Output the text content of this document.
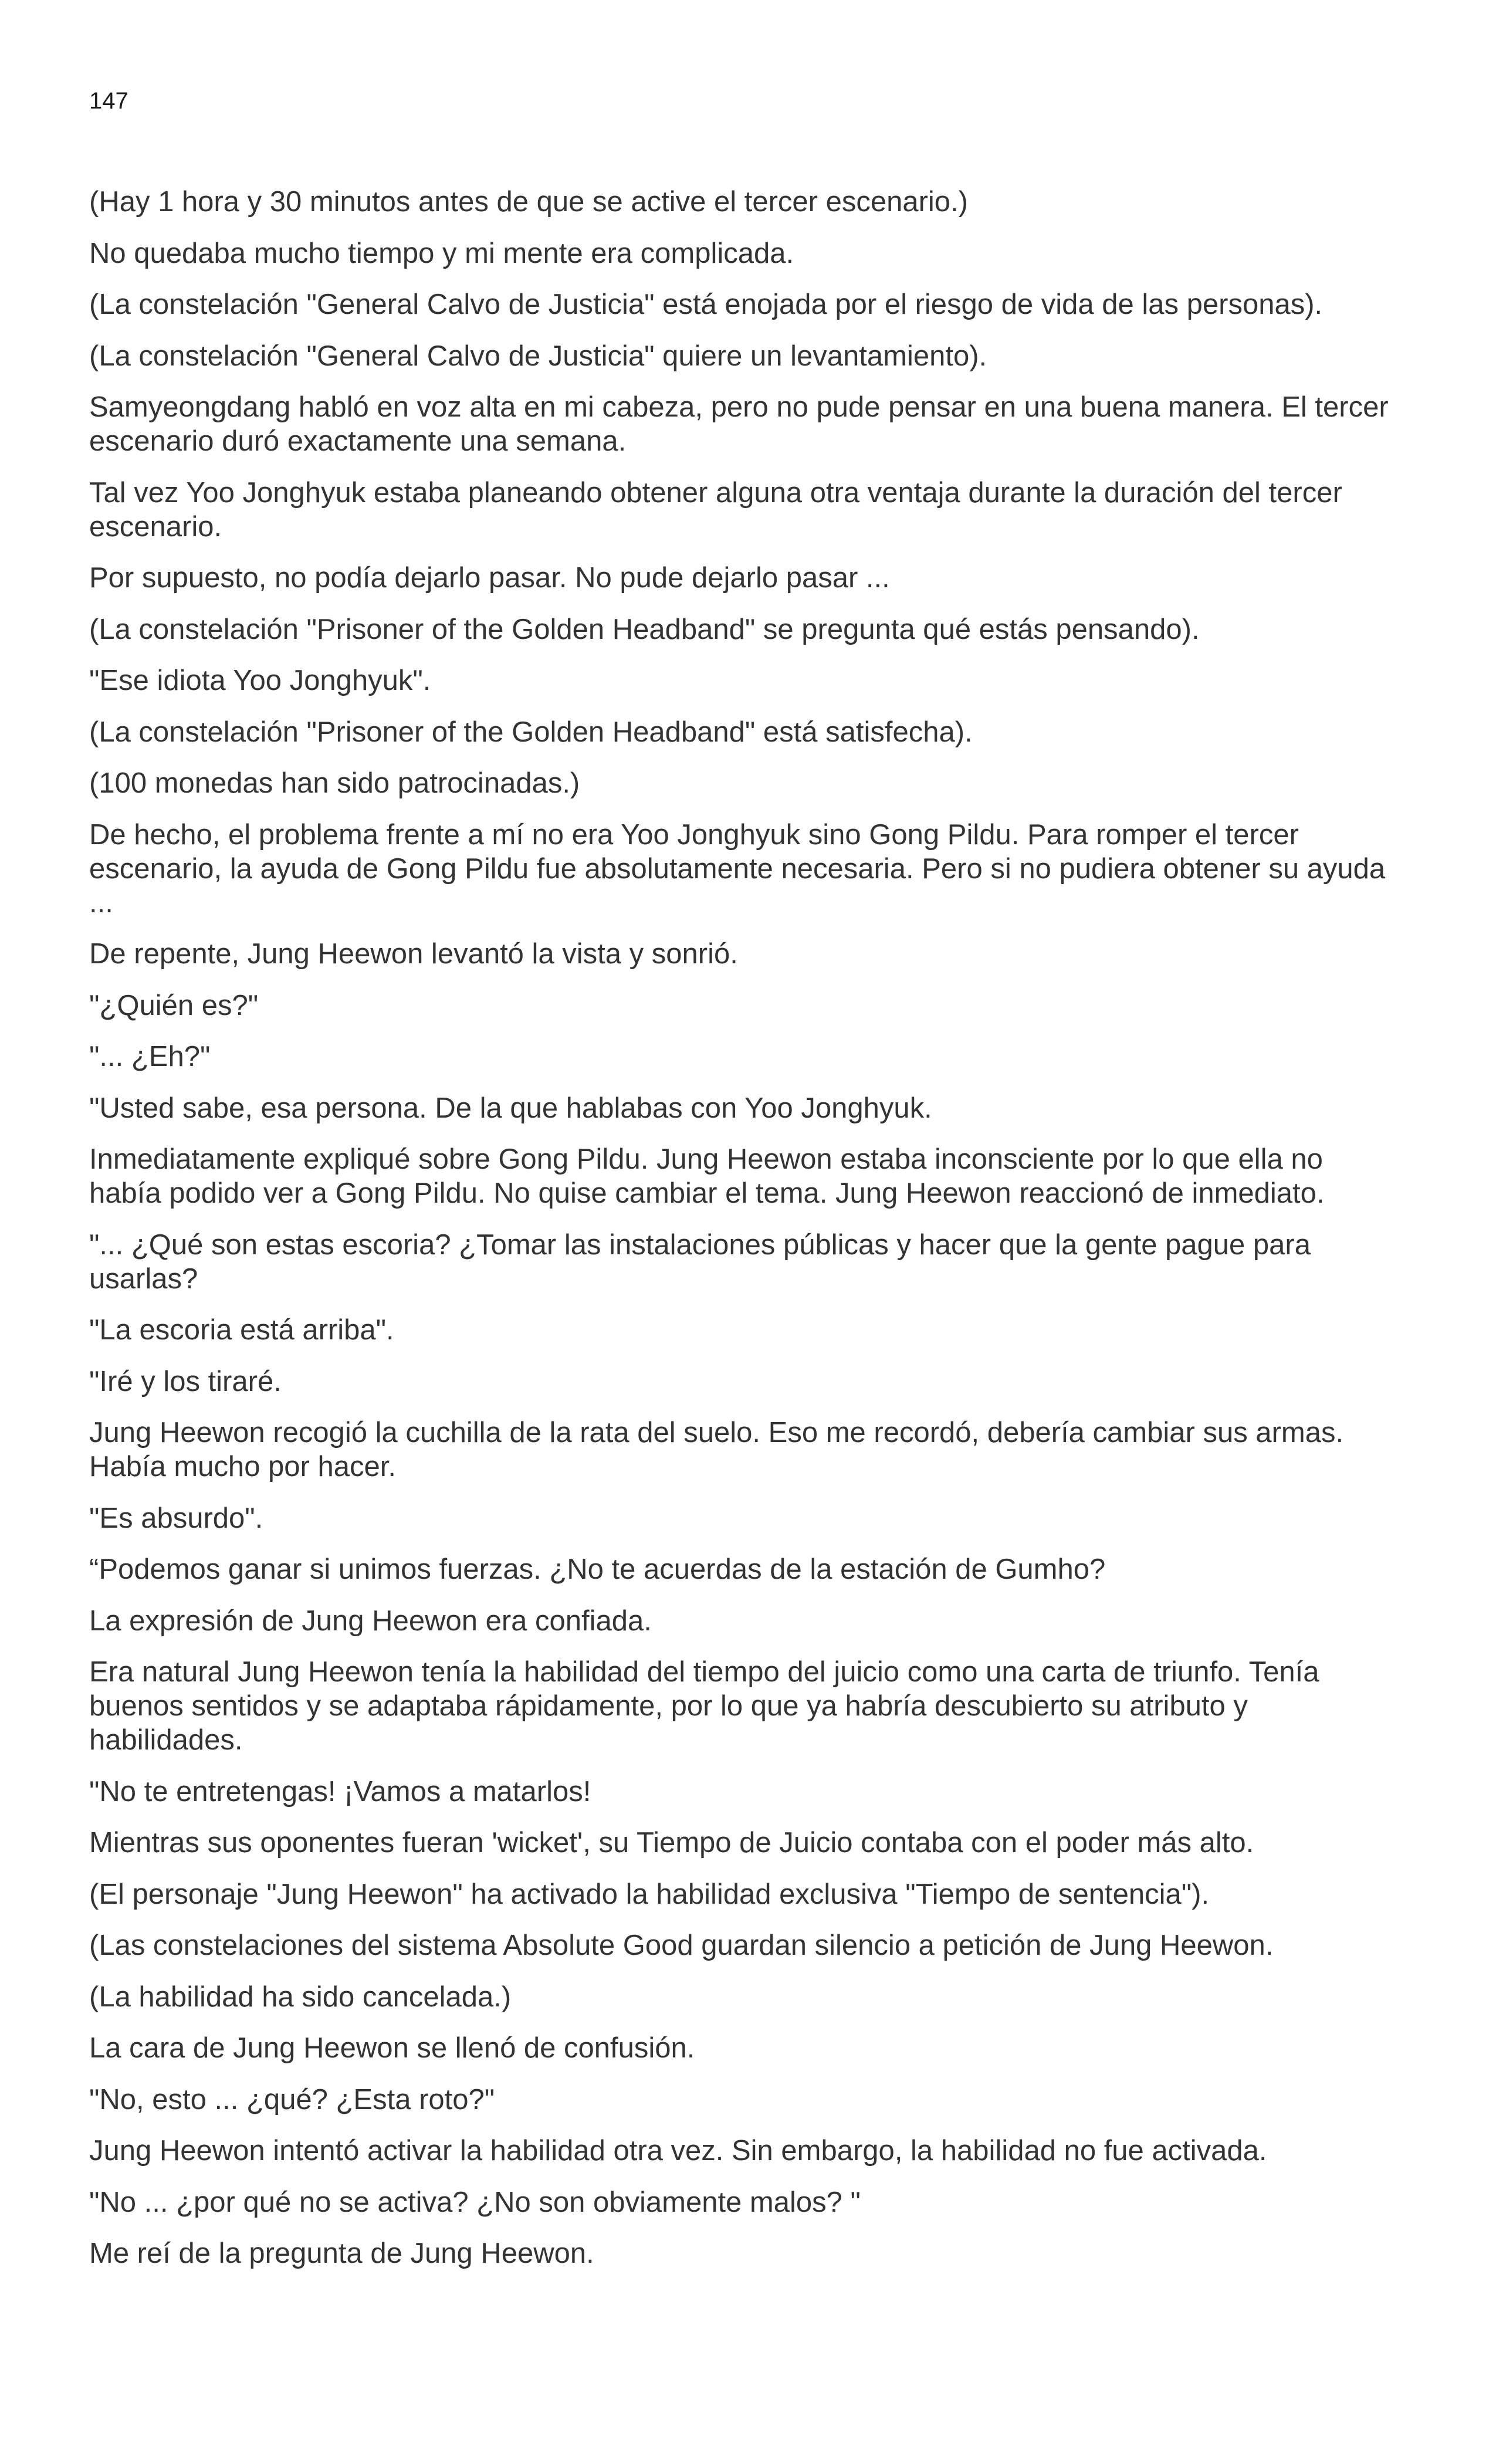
147

(Hay 1 hora y 30 minutos antes de que se active el tercer escenario.)

No quedaba mucho tiempo y mi mente era complicada.

(La constelación "General Calvo de Justicia" está enojada por el riesgo de vida de las personas).

(La constelación "General Calvo de Justicia" quiere un levantamiento).

Samyeongdang habló en voz alta en mi cabeza, pero no pude pensar en una buena manera. El tercer escenario duró exactamente una semana.

Tal vez Yoo Jonghyuk estaba planeando obtener alguna otra ventaja durante la duración del tercer escenario.

Por supuesto, no podía dejarlo pasar. No pude dejarlo pasar ...

(La constelación "Prisoner of the Golden Headband" se pregunta qué estás pensando).

"Ese idiota Yoo Jonghyuk".

(La constelación "Prisoner of the Golden Headband" está satisfecha).

(100 monedas han sido patrocinadas.)

De hecho, el problema frente a mí no era Yoo Jonghyuk sino Gong Pildu. Para romper el tercer escenario, la ayuda de Gong Pildu fue absolutamente necesaria. Pero si no pudiera obtener su ayuda ...

De repente, Jung Heewon levantó la vista y sonrió.

"¿Quién es?"

"... ¿Eh?"

"Usted sabe, esa persona. De la que hablabas con Yoo Jonghyuk.

Inmediatamente expliqué sobre Gong Pildu. Jung Heewon estaba inconsciente por lo que ella no había podido ver a Gong Pildu. No quise cambiar el tema. Jung Heewon reaccionó de inmediato.

"... ¿Qué son estas escoria? ¿Tomar las instalaciones públicas y hacer que la gente pague para usarlas?

"La escoria está arriba".

"Iré y los tiraré.

Jung Heewon recogió la cuchilla de la rata del suelo. Eso me recordó, debería cambiar sus armas. Había mucho por hacer.

"Es absurdo".

“Podemos ganar si unimos fuerzas. ¿No te acuerdas de la estación de Gumho?

La expresión de Jung Heewon era confiada.

Era natural Jung Heewon tenía la habilidad del tiempo del juicio como una carta de triunfo. Tenía buenos sentidos y se adaptaba rápidamente, por lo que ya habría descubierto su atributo y habilidades.

"No te entretengas! ¡Vamos a matarlos!

Mientras sus oponentes fueran 'wicket', su Tiempo de Juicio contaba con el poder más alto.

(El personaje "Jung Heewon" ha activado la habilidad exclusiva "Tiempo de sentencia").

(Las constelaciones del sistema Absolute Good guardan silencio a petición de Jung Heewon.

(La habilidad ha sido cancelada.)

La cara de Jung Heewon se llenó de confusión.

"No, esto ... ¿qué? ¿Esta roto?"

Jung Heewon intentó activar la habilidad otra vez. Sin embargo, la habilidad no fue activada.

"No ... ¿por qué no se activa? ¿No son obviamente malos? "

Me reí de la pregunta de Jung Heewon.
